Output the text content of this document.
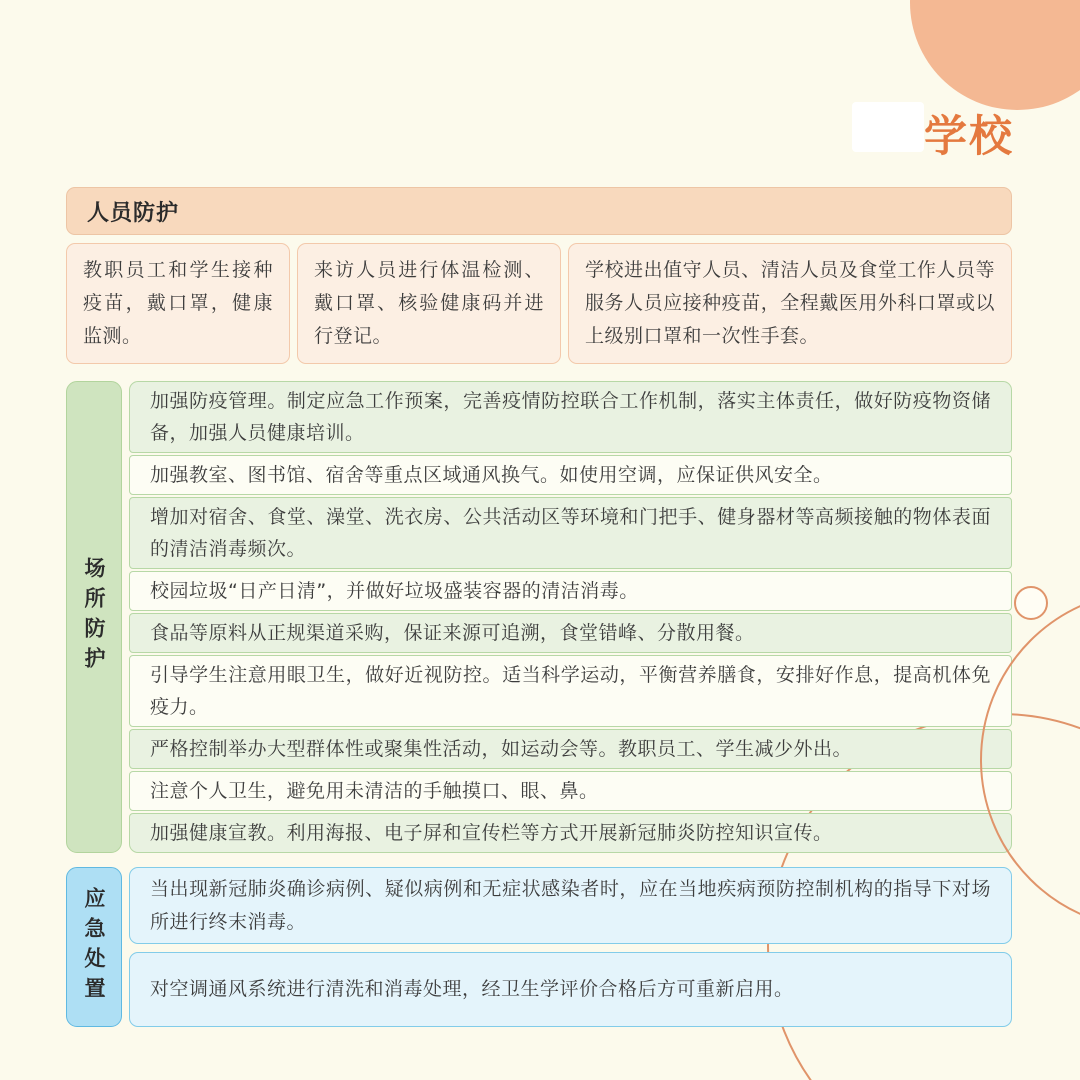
学校
人员防护
教职员工和学生接种疫苗，戴口罩，健康监测。
来访人员进行体温检测、戴口罩、核验健康码并进行登记。
学校进出值守人员、清洁人员及食堂工作人员等服务人员应接种疫苗，全程戴医用外科口罩或以上级别口罩和一次性手套。
场所防护
加强防疫管理。制定应急工作预案，完善疫情防控联合工作机制，落实主体责任，做好防疫物资储备，加强人员健康培训。
加强教室、图书馆、宿舍等重点区域通风换气。如使用空调，应保证供风安全。
增加对宿舍、食堂、澡堂、洗衣房、公共活动区等环境和门把手、健身器材等高频接触的物体表面的清洁消毒频次。
校园垃圾“日产日清”，并做好垃圾盛装容器的清洁消毒。
食品等原料从正规渠道采购，保证来源可追溯，食堂错峰、分散用餐。
引导学生注意用眼卫生，做好近视防控。适当科学运动，平衡营养膳食，安排好作息，提高机体免疫力。
严格控制举办大型群体性或聚集性活动，如运动会等。教职员工、学生减少外出。
注意个人卫生，避免用未清洁的手触摸口、眼、鼻。
加强健康宣教。利用海报、电子屏和宣传栏等方式开展新冠肺炎防控知识宣传。
应急处置 当出现新冠肺炎确诊病例、疑似病例和无症状感染者时，应在当地疾病预防控制机构的指导下对场所进行终末消毒。
对空调通风系统进行清洗和消毒处理，经卫生学评价合格后方可重新启用。
